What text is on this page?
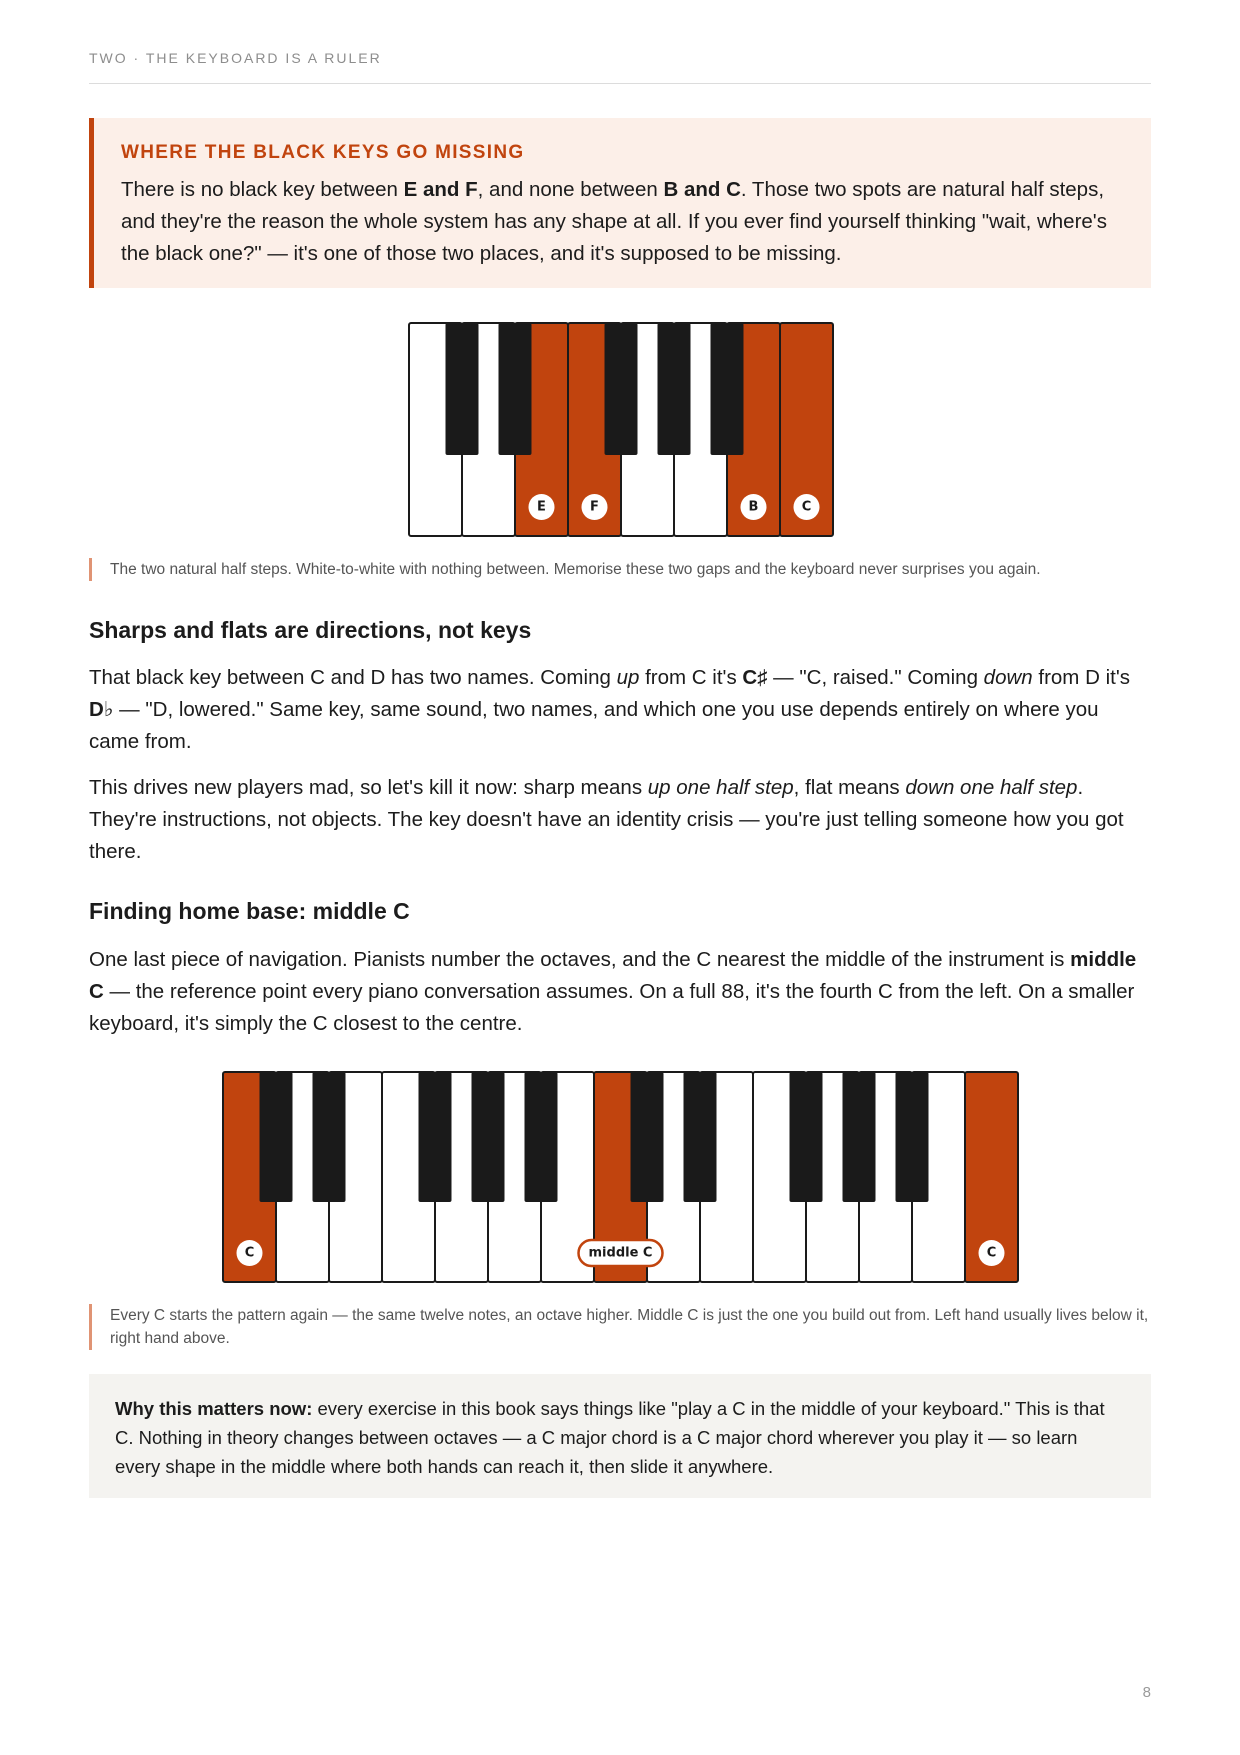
TWO · THE KEYBOARD IS A RULER

WHERE THE BLACK KEYS GO MISSING

There is no black key between E and F, and none between B and C. Those two spots are natural half steps, and they're the reason the whole system has any shape at all. If you ever find yourself thinking "wait, where's the black one?" — it's one of those two places, and it's supposed to be missing.

E	F	B	C
The two natural half steps. White-to-white with nothing between. Memorise these two gaps and the keyboard never surprises you again.
Sharps and flats are directions, not keys

That black key between C and D has two names. Coming up from C it's C♯ — "C, raised." Coming down from D it's D♭ — "D, lowered." Same key, same sound, two names, and which one you use depends entirely on where you came from.

This drives new players mad, so let's kill it now: sharp means up one half step, flat means down one half step. They're instructions, not objects. The key doesn't have an identity crisis — you're just telling someone how you got there.

Finding home base: middle C

One last piece of navigation. Pianists number the octaves, and the C nearest the middle of the instrument is middle C — the reference point every piano conversation assumes. On a full 88, it's the fourth C from the left. On a smaller keyboard, it's simply the C closest to the centre.

C	middle C	C
Every C starts the pattern again — the same twelve notes, an octave higher. Middle C is just the one you build out from. Left hand usually lives below it, right hand above.
Why this matters now: every exercise in this book says things like "play a C in the middle of your keyboard." This is that C. Nothing in theory changes between octaves — a C major chord is a C major chord wherever you play it — so learn every shape in the middle where both hands can reach it, then slide it anywhere.
8
